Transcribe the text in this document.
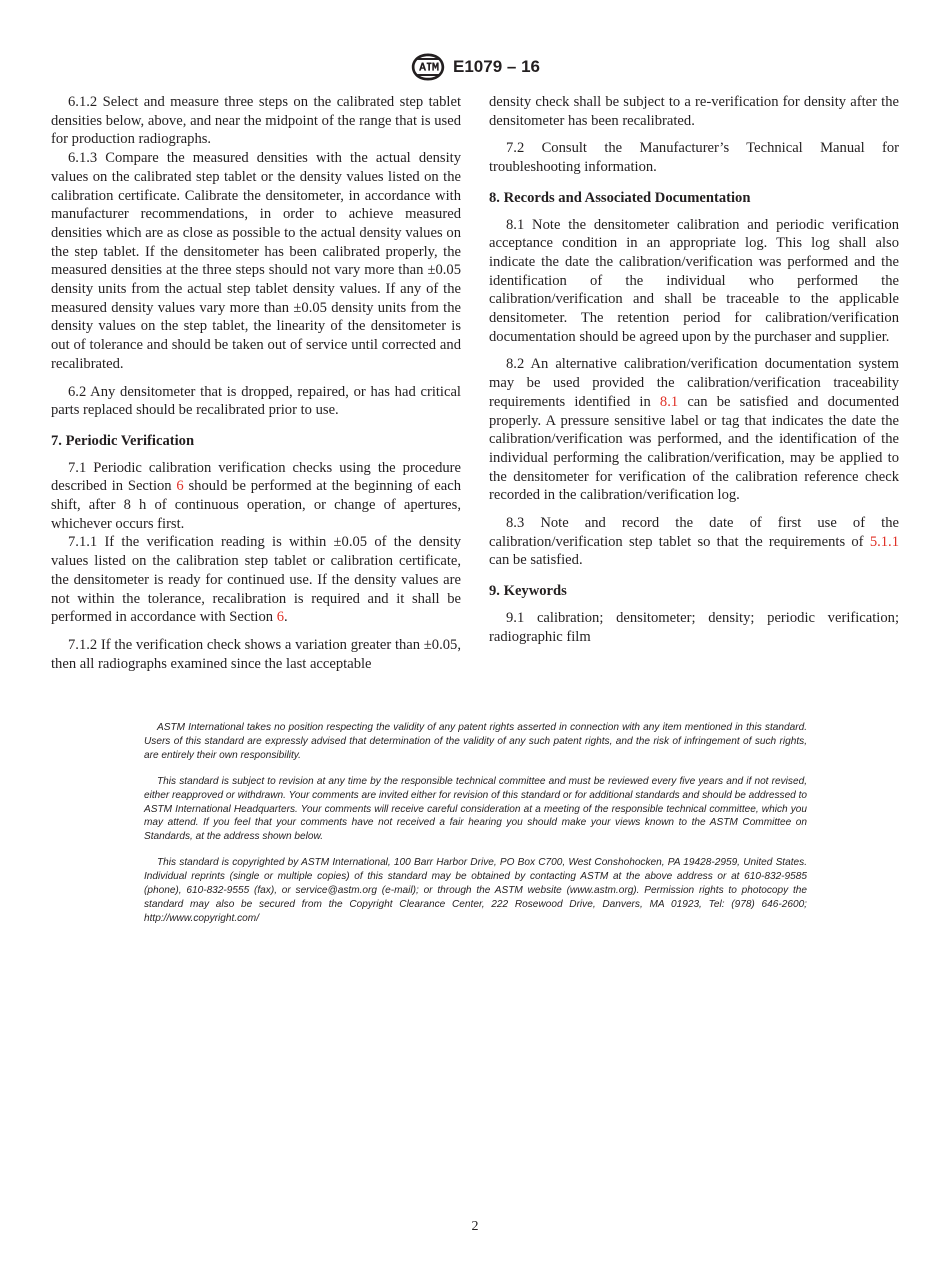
E1079 – 16

6.1.2 Select and measure three steps on the calibrated step tablet densities below, above, and near the midpoint of the range that is used for production radiographs.

6.1.3 Compare the measured densities with the actual density values on the calibrated step tablet or the density values listed on the calibration certificate. Calibrate the densitometer, in accordance with manufacturer recommendations, in order to achieve measured densities which are as close as possible to the actual density values on the step tablet. If the densitometer has been calibrated properly, the measured densities at the three steps should not vary more than ±0.05 density units from the actual step tablet density values. If any of the measured density values vary more than ±0.05 density units from the density values on the step tablet, the linearity of the densitometer is out of tolerance and should be taken out of service until corrected and recalibrated.

6.2 Any densitometer that is dropped, repaired, or has had critical parts replaced should be recalibrated prior to use.

7. Periodic Verification

7.1 Periodic calibration verification checks using the procedure described in Section 6 should be performed at the beginning of each shift, after 8 h of continuous operation, or change of apertures, whichever occurs first.

7.1.1 If the verification reading is within ±0.05 of the density values listed on the calibration step tablet or calibration certificate, the densitometer is ready for continued use. If the density values are not within the tolerance, recalibration is required and it shall be performed in accordance with Section 6.

7.1.2 If the verification check shows a variation greater than ±0.05, then all radiographs examined since the last acceptable

density check shall be subject to a re-verification for density after the densitometer has been recalibrated.

7.2 Consult the Manufacturer’s Technical Manual for troubleshooting information.

8. Records and Associated Documentation

8.1 Note the densitometer calibration and periodic verification acceptance condition in an appropriate log. This log shall also indicate the date the calibration/verification was performed and the identification of the individual who performed the calibration/verification and shall be traceable to the applicable densitometer. The retention period for calibration/verification documentation should be agreed upon by the purchaser and supplier.

8.2 An alternative calibration/verification documentation system may be used provided the calibration/verification traceability requirements identified in 8.1 can be satisfied and documented properly. A pressure sensitive label or tag that indicates the date the calibration/verification was performed, and the identification of the individual performing the calibration/verification, may be applied to the densitometer for verification of the calibration reference check recorded in the calibration/verification log.

8.3 Note and record the date of first use of the calibration/verification step tablet so that the requirements of 5.1.1 can be satisfied.

9. Keywords

9.1 calibration; densitometer; density; periodic verification; radiographic film

ASTM International takes no position respecting the validity of any patent rights asserted in connection with any item mentioned in this standard. Users of this standard are expressly advised that determination of the validity of any such patent rights, and the risk of infringement of such rights, are entirely their own responsibility.

This standard is subject to revision at any time by the responsible technical committee and must be reviewed every five years and if not revised, either reapproved or withdrawn. Your comments are invited either for revision of this standard or for additional standards and should be addressed to ASTM International Headquarters. Your comments will receive careful consideration at a meeting of the responsible technical committee, which you may attend. If you feel that your comments have not received a fair hearing you should make your views known to the ASTM Committee on Standards, at the address shown below.

This standard is copyrighted by ASTM International, 100 Barr Harbor Drive, PO Box C700, West Conshohocken, PA 19428-2959, United States. Individual reprints (single or multiple copies) of this standard may be obtained by contacting ASTM at the above address or at 610-832-9585 (phone), 610-832-9555 (fax), or service@astm.org (e-mail); or through the ASTM website (www.astm.org). Permission rights to photocopy the standard may also be secured from the Copyright Clearance Center, 222 Rosewood Drive, Danvers, MA 01923, Tel: (978) 646-2600; http://www.copyright.com/

2
